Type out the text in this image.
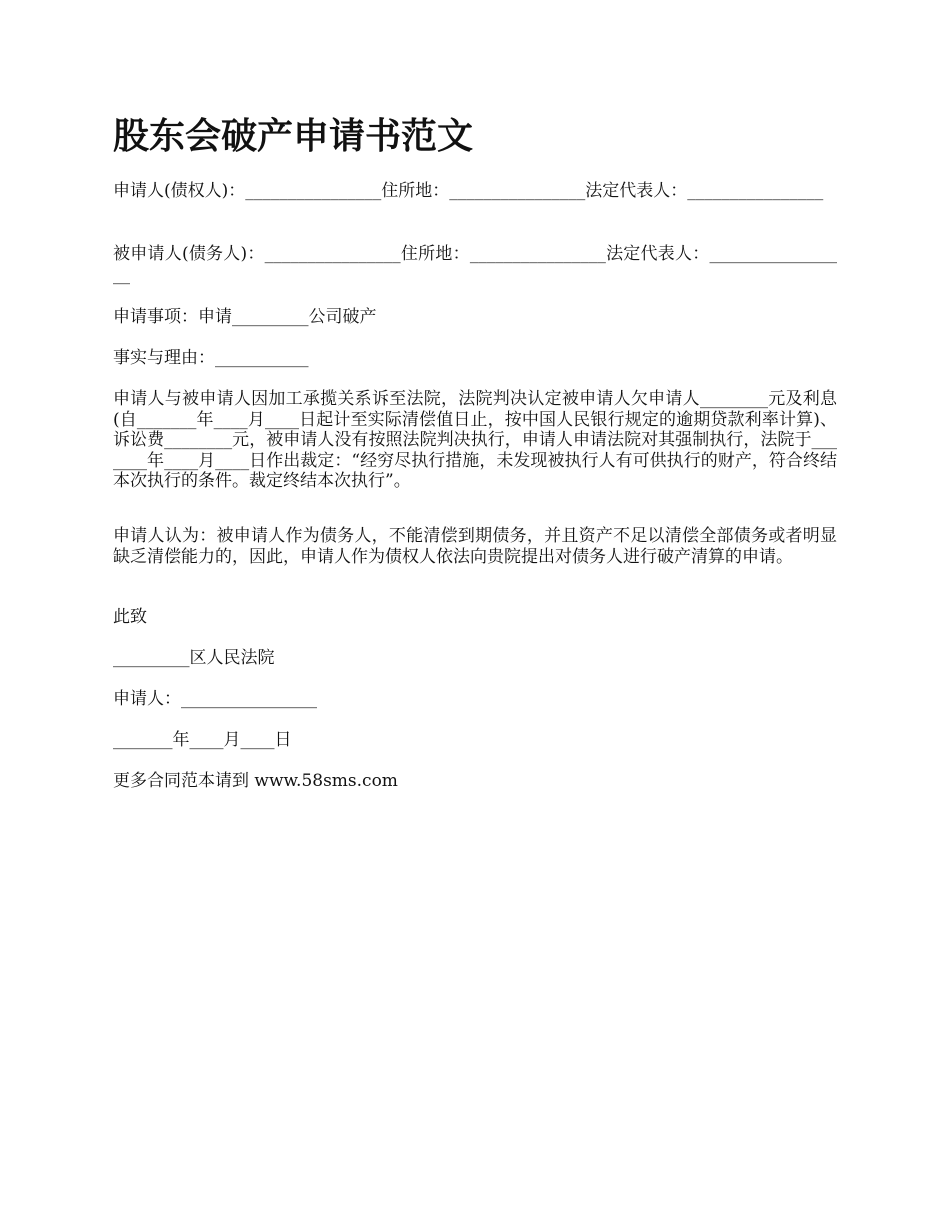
股东会破产申请书范文

申请人(债权人)：________________住所地：________________法定代表人：________________

被申请人(债务人)：________________住所地：________________法定代表人：_________________

申请事项：申请_________公司破产

事实与理由：___________

申请人与被申请人因加工承揽关系诉至法院，法院判决认定被申请人欠申请人________元及利息(自_______年____月____日起计至实际清偿值日止，按中国人民银行规定的逾期贷款利率计算)、诉讼费________元，被申请人没有按照法院判决执行，申请人申请法院对其强制执行，法院于_______年____月____日作出裁定：“经穷尽执行措施，未发现被执行人有可供执行的财产，符合终结本次执行的条件。裁定终结本次执行”。

申请人认为：被申请人作为债务人，不能清偿到期债务，并且资产不足以清偿全部债务或者明显缺乏清偿能力的，因此，申请人作为债权人依法向贵院提出对债务人进行破产清算的申请。

此致

_________区人民法院

申请人：________________

_______年____月____日

更多合同范本请到 www.58sms.com
